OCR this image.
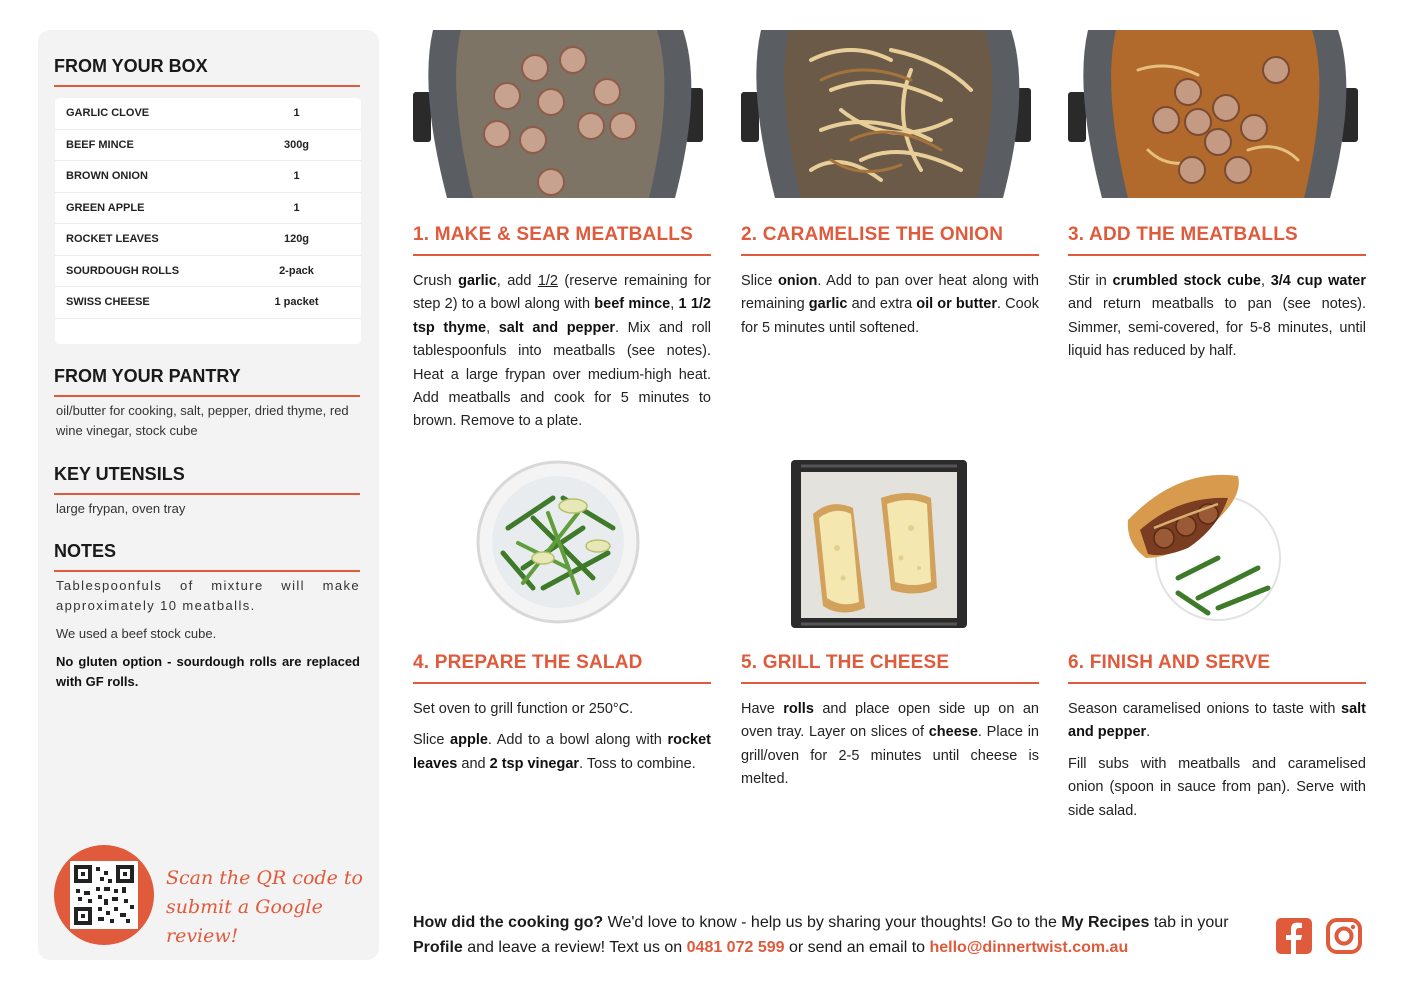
FROM YOUR BOX
GARLIC CLOVE	1
BEEF MINCE	300g
BROWN ONION	1
GREEN APPLE	1
ROCKET LEAVES	120g
SOURDOUGH ROLLS	2-pack
SWISS CHEESE	1 packet
FROM YOUR PANTRY
oil/butter for cooking, salt, pepper, dried thyme, red wine vinegar, stock cube
KEY UTENSILS
large frypan, oven tray
NOTES

Tablespoonfuls of mixture will make approximately 10 meatballs.

We used a beef stock cube.

No gluten option - sourdough rolls are replaced with GF rolls.

Scan the QR code to
submit a Google review!
1. MAKE & SEAR MEATBALLS

Crush garlic, add 1/2 (reserve remaining for step 2) to a bowl along with beef mince, 1 1/2 tsp thyme, salt and pepper. Mix and roll tablespoonfuls into meatballs (see notes). Heat a large frypan over medium-high heat. Add meatballs and cook for 5 minutes to brown. Remove to a plate.

2. CARAMELISE THE ONION

Slice onion. Add to pan over heat along with remaining garlic and extra oil or butter. Cook for 5 minutes until softened.

3. ADD THE MEATBALLS

Stir in crumbled stock cube, 3/4 cup water and return meatballs to pan (see notes). Simmer, semi-covered, for 5-8 minutes, until liquid has reduced by half.

4. PREPARE THE SALAD

Set oven to grill function or 250°C.

Slice apple. Add to a bowl along with rocket leaves and 2 tsp vinegar. Toss to combine.

5. GRILL THE CHEESE

Have rolls and place open side up on an oven tray. Layer on slices of cheese. Place in grill/oven for 2-5 minutes until cheese is melted.

6. FINISH AND SERVE

Season caramelised onions to taste with salt and pepper.

Fill subs with meatballs and caramelised onion (spoon in sauce from pan). Serve with side salad.

How did the cooking go? We'd love to know - help us by sharing your thoughts! Go to the My Recipes tab in your Profile and leave a review! Text us on 0481 072 599 or send an email to hello@dinnertwist.com.au
